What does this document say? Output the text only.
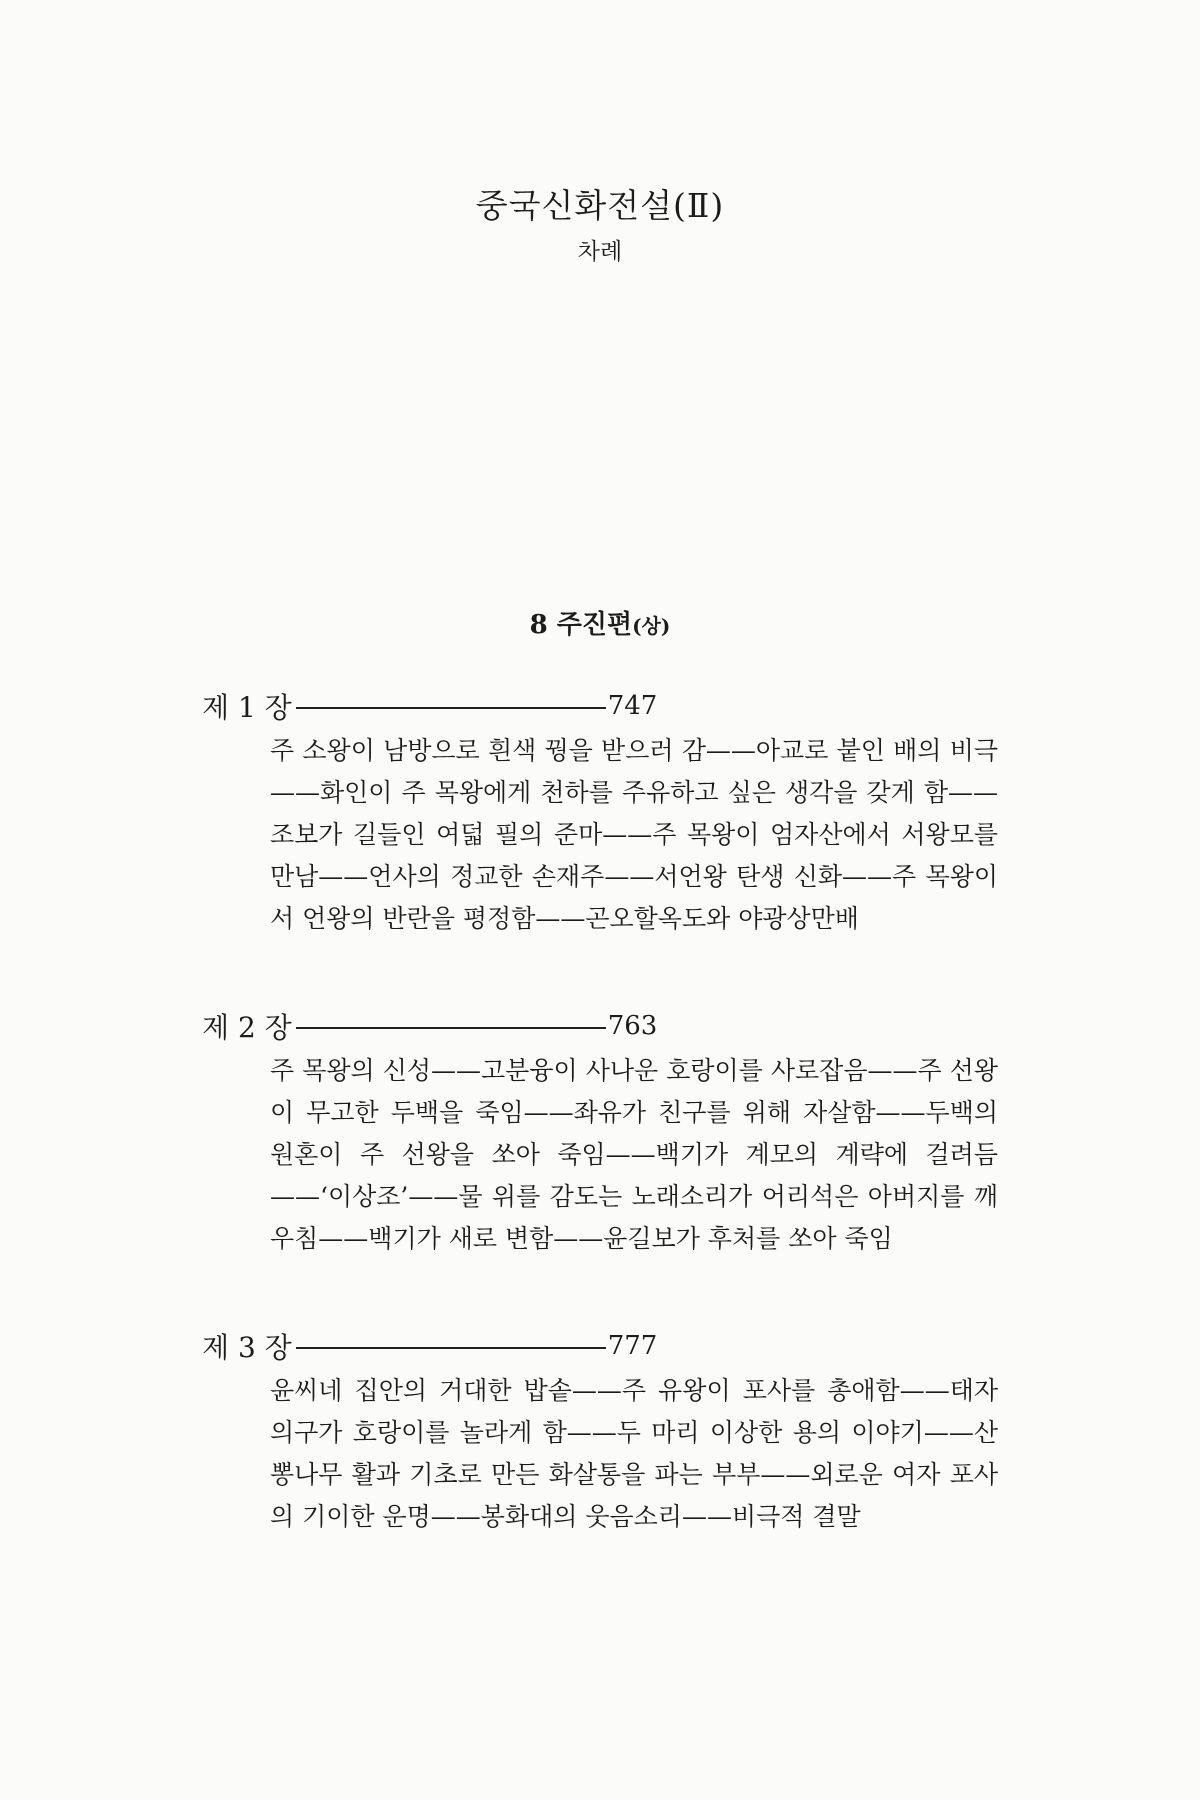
중국신화전설(Ⅱ)
차례
8 주진편(상)
제 1 장	747
주 소왕이 남방으로 흰색 꿩을 받으러 감——아교로 붙인 배의 비극——화인이 주 목왕에게 천하를 주유하고 싶은 생각을 갖게 함——조보가 길들인 여덟 필의 준마——주 목왕이 엄자산에서 서왕모를 만남——언사의 정교한 손재주——서언왕 탄생 신화——주 목왕이 서 언왕의 반란을 평정함——곤오할옥도와 야광상만배
제 2 장	763
주 목왕의 신성——고분융이 사나운 호랑이를 사로잡음——주 선왕이 무고한 두백을 죽임——좌유가 친구를 위해 자살함——두백의 원혼이 주 선왕을 쏘아 죽임——백기가 계모의 계략에 걸려듬——‘이상조’——물 위를 감도는 노래소리가 어리석은 아버지를 깨우침——백기가 새로 변함——윤길보가 후처를 쏘아 죽임
제 3 장	777
윤씨네 집안의 거대한 밥솥——주 유왕이 포사를 총애함——태자 의구가 호랑이를 놀라게 함——두 마리 이상한 용의 이야기——산뽕나무 활과 기초로 만든 화살통을 파는 부부——외로운 여자 포사의 기이한 운명——봉화대의 웃음소리——비극적 결말
